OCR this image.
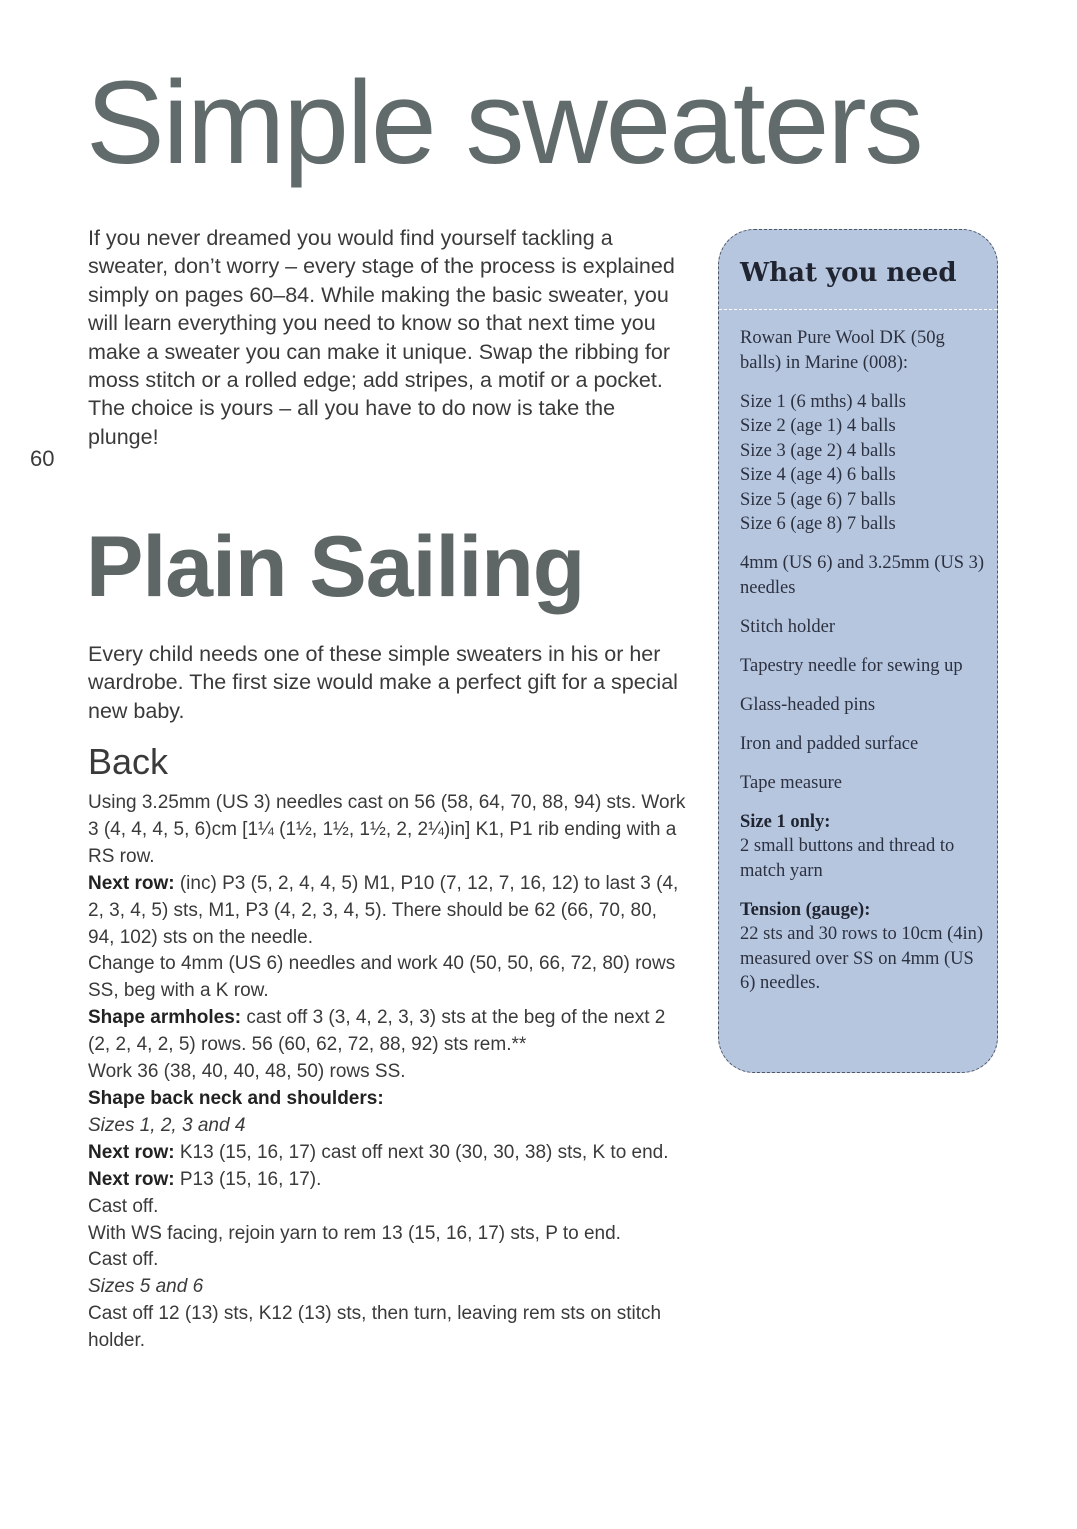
Simple sweaters

If you never dreamed you would find yourself tackling a sweater, don’t worry – every stage of the process is explained simply on pages 60–84. While making the basic sweater, you will learn everything you need to know so that next time you make a sweater you can make it unique. Swap the ribbing for moss stitch or a rolled edge; add stripes, a motif or a pocket. The choice is yours – all you have to do now is take the plunge!

60
Plain Sailing

Every child needs one of these simple sweaters in his or her wardrobe. The first size would make a perfect gift for a special new baby.

Back

Using 3.25mm (US 3) needles cast on 56 (58, 64, 70, 88, 94) sts. Work 3 (4, 4, 4, 5, 6)cm [1¼ (1½, 1½, 1½, 2, 2¼)in] K1, P1 rib ending with a RS row.

Next row: (inc) P3 (5, 2, 4, 4, 5) M1, P10 (7, 12, 7, 16, 12) to last 3 (4, 2, 3, 4, 5) sts, M1, P3 (4, 2, 3, 4, 5). There should be 62 (66, 70, 80, 94, 102) sts on the needle.

Change to 4mm (US 6) needles and work 40 (50, 50, 66, 72, 80) rows SS, beg with a K row.

Shape armholes: cast off 3 (3, 4, 2, 3, 3) sts at the beg of the next 2 (2, 2, 4, 2, 5) rows. 56 (60, 62, 72, 88, 92) sts rem.**

Work 36 (38, 40, 40, 48, 50) rows SS.

Shape back neck and shoulders:

Sizes 1, 2, 3 and 4

Next row: K13 (15, 16, 17) cast off next 30 (30, 30, 38) sts, K to end.

Next row: P13 (15, 16, 17).

Cast off.

With WS facing, rejoin yarn to rem 13 (15, 16, 17) sts, P to end.

Cast off.

Sizes 5 and 6

Cast off 12 (13) sts, K12 (13) sts, then turn, leaving rem sts on stitch holder.

What you need

Rowan Pure Wool DK (50g balls) in Marine (008):

Size 1 (6 mths) 4 balls
Size 2 (age 1) 4 balls
Size 3 (age 2) 4 balls
Size 4 (age 4) 6 balls
Size 5 (age 6) 7 balls
Size 6 (age 8) 7 balls

4mm (US 6) and 3.25mm (US 3) needles

Stitch holder

Tapestry needle for sewing up

Glass-headed pins

Iron and padded surface

Tape measure

Size 1 only:

2 small buttons and thread to match yarn

Tension (gauge):

22 sts and 30 rows to 10cm (4in) measured over SS on 4mm (US 6) needles.
